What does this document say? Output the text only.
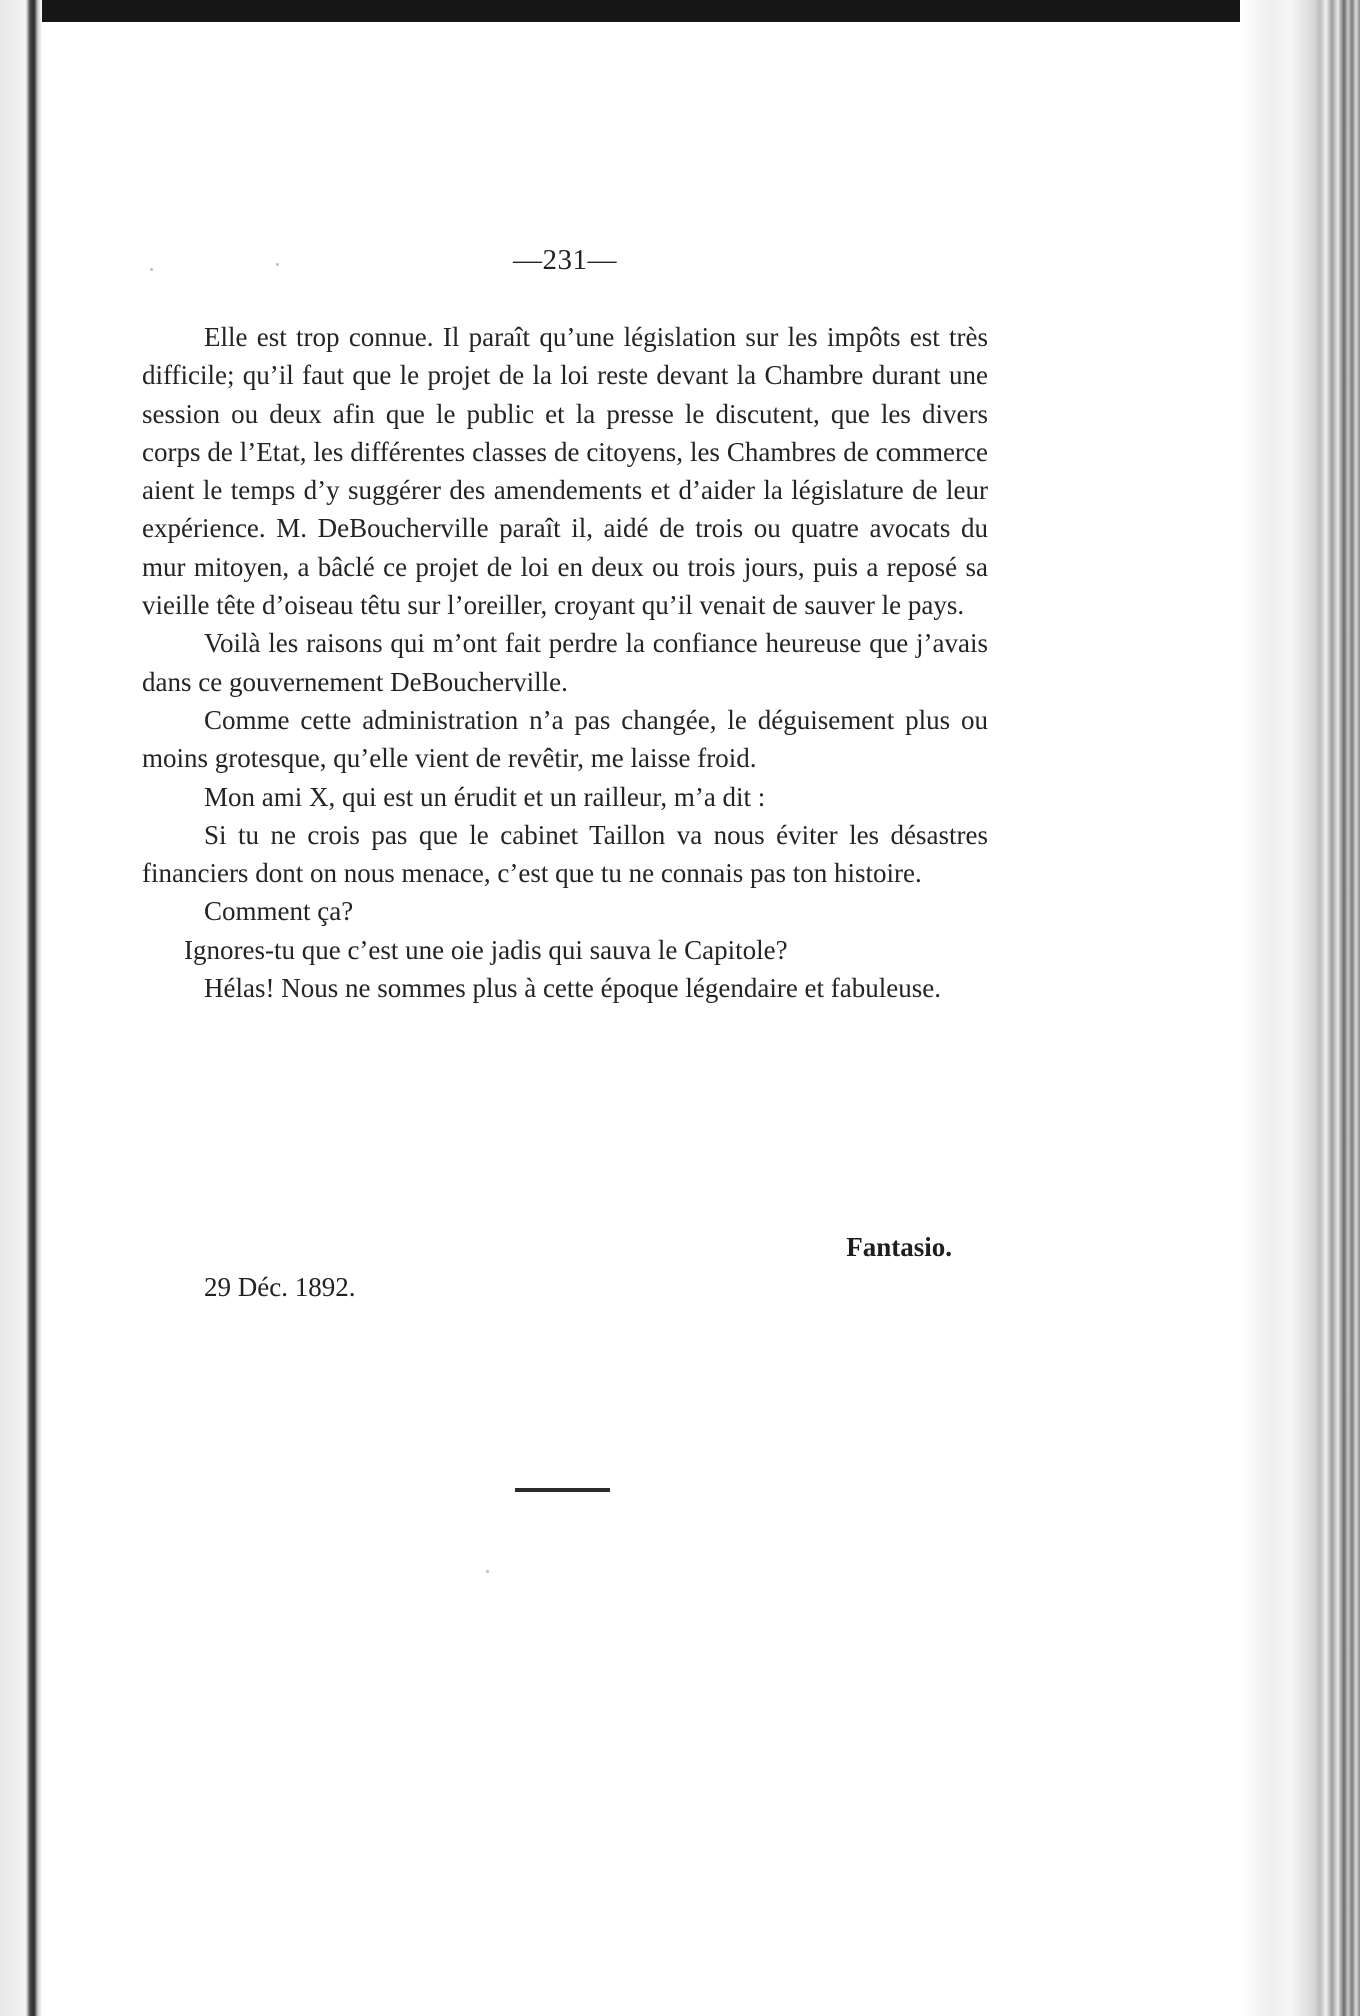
—231—

Elle est trop connue. Il paraît qu’une législation sur les impôts est très difficile; qu’il faut que le projet de la loi reste devant la Chambre durant une session ou deux afin que le public et la presse le discutent, que les divers corps de l’Etat, les différentes classes de citoyens, les Chambres de commerce aient le temps d’y suggérer des amendements et d’aider la législature de leur expérience. M. DeBoucherville paraît il, aidé de trois ou quatre avocats du mur mitoyen, a bâclé ce projet de loi en deux ou trois jours, puis a reposé sa vieille tête d’oiseau têtu sur l’oreiller, croyant qu’il venait de sauver le pays.

Voilà les raisons qui m’ont fait perdre la confiance heureuse que j’avais dans ce gouvernement DeBoucherville.

Comme cette administration n’a pas changée, le déguisement plus ou moins grotesque, qu’elle vient de revêtir, me laisse froid.

Mon ami X, qui est un érudit et un railleur, m’a dit :

Si tu ne crois pas que le cabinet Taillon va nous éviter les désastres financiers dont on nous menace, c’est que tu ne connais pas ton histoire.

Comment ça?

Ignores-tu que c’est une oie jadis qui sauva le Capitole?

Hélas! Nous ne sommes plus à cette époque légendaire et fabuleuse.

Fantasio.
29 Déc. 1892.
